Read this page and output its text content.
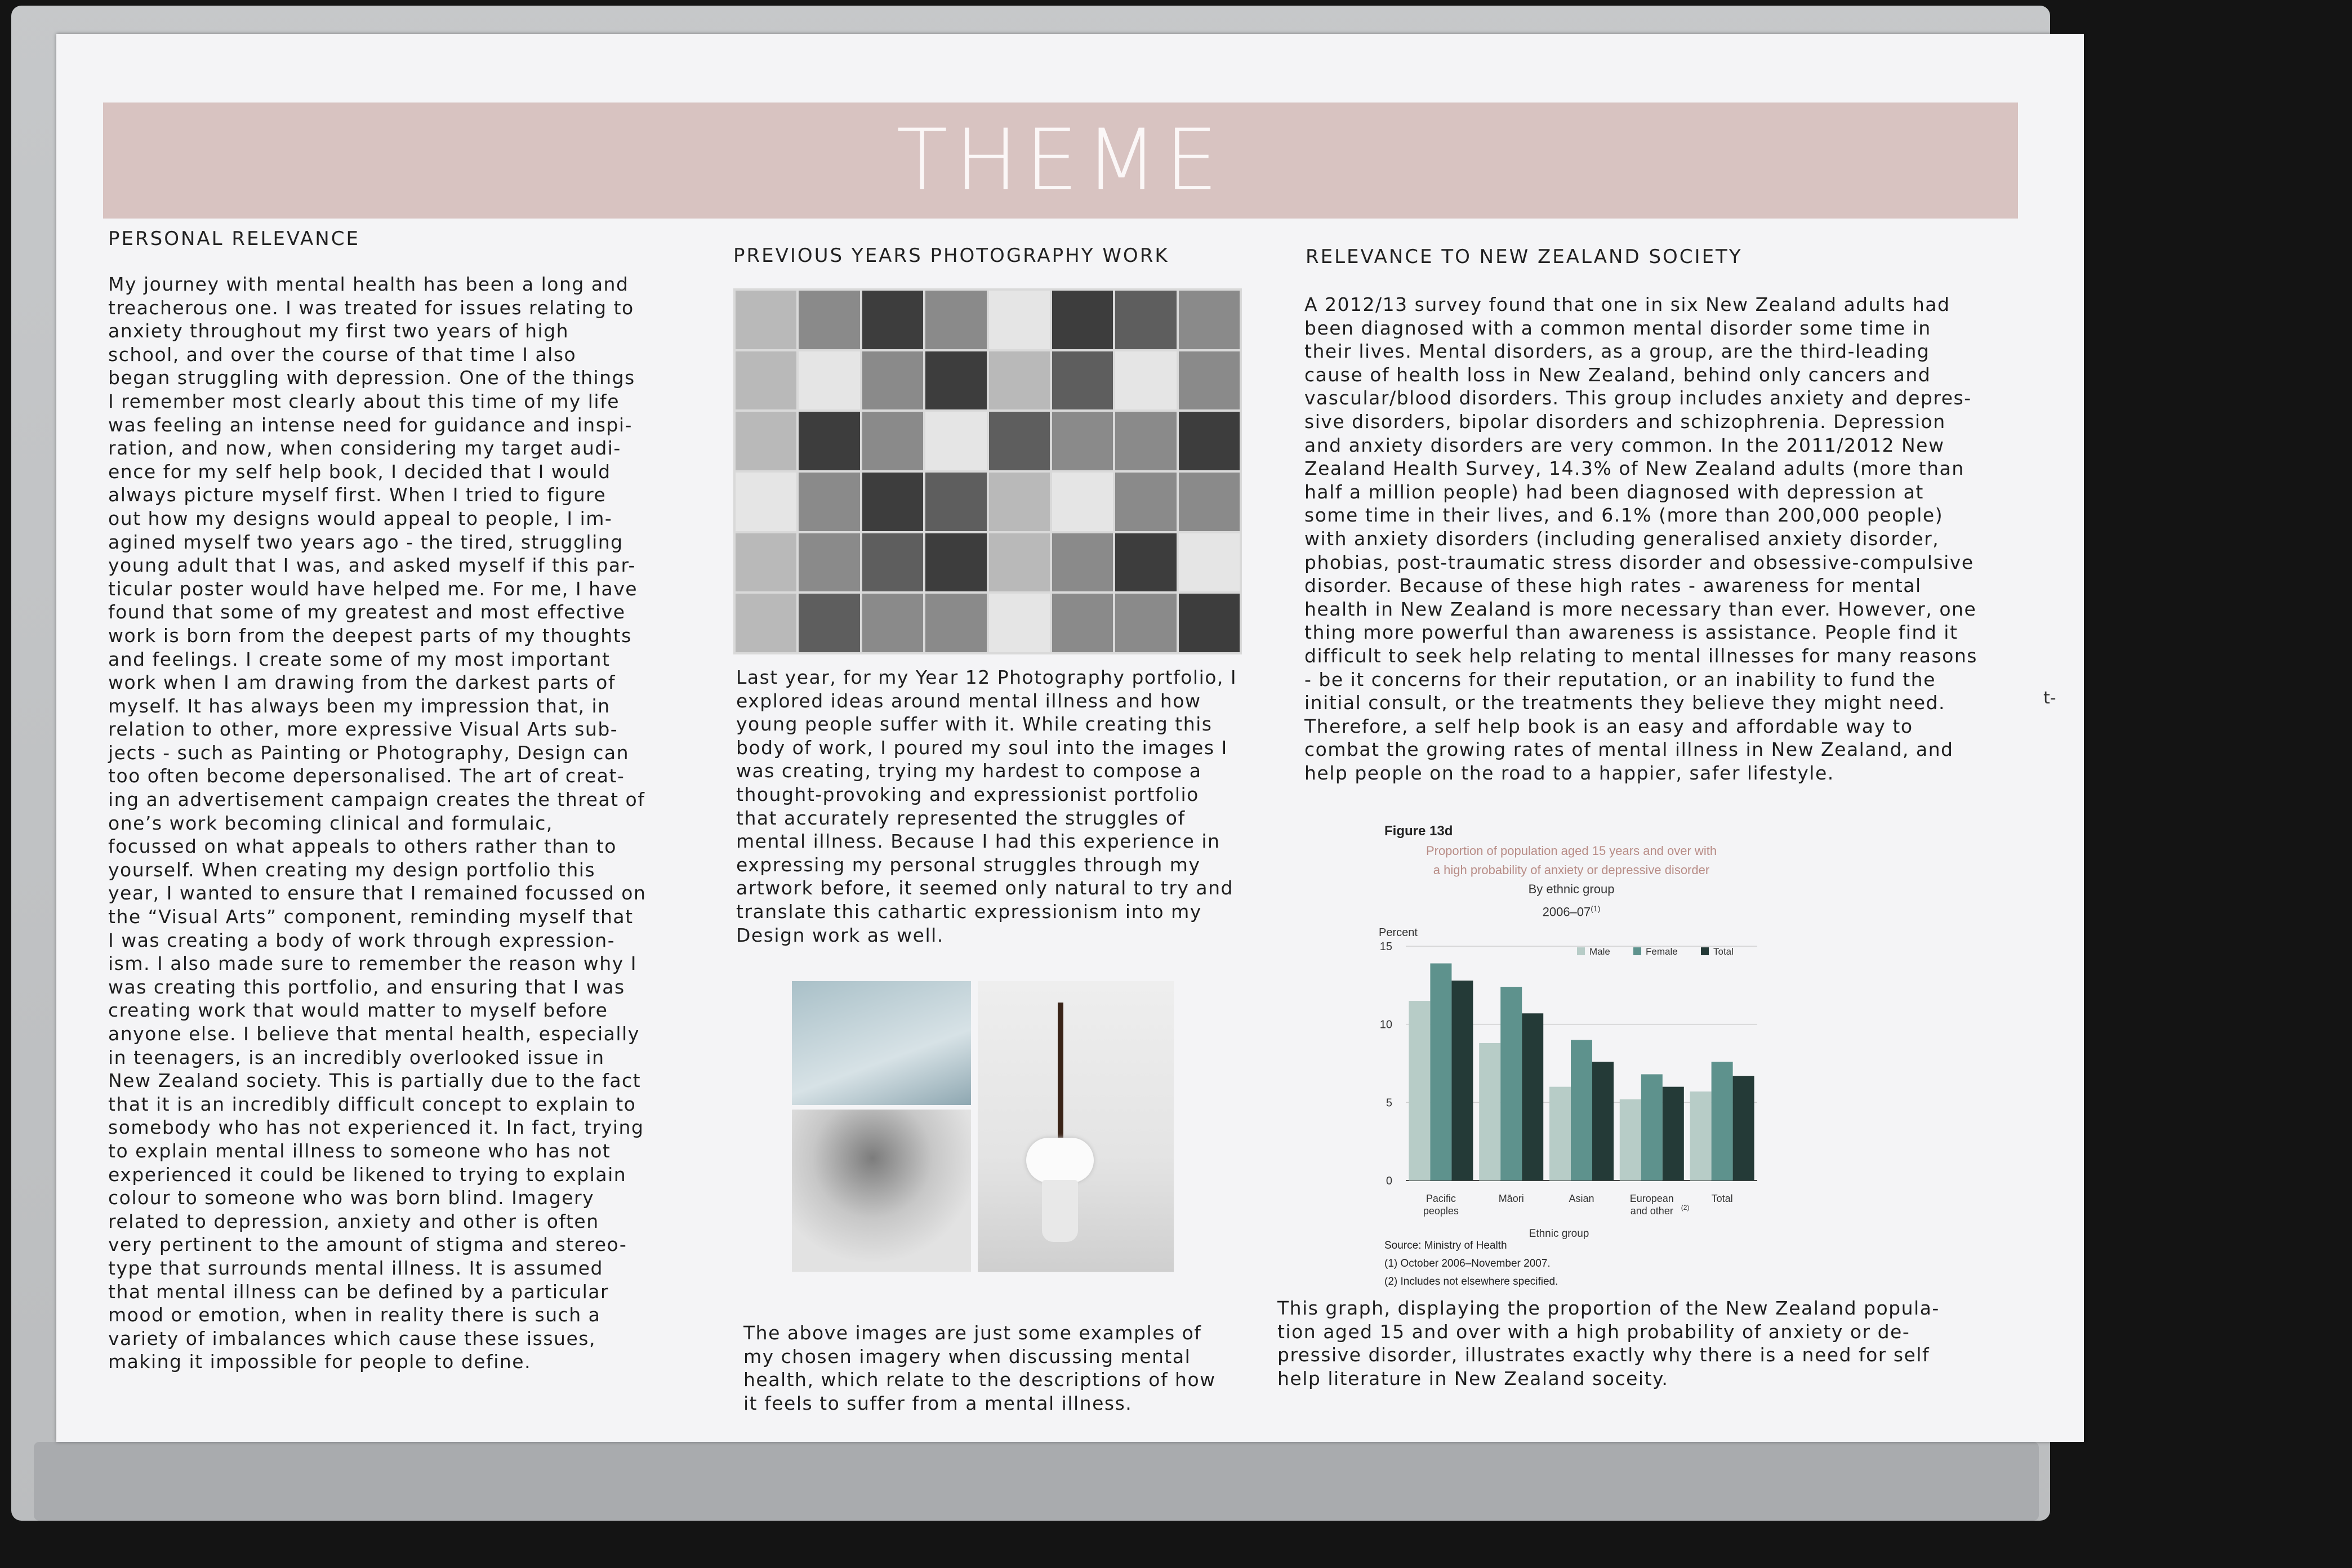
THEME
PERSONAL RELEVANCE
My journey with mental health has been a long and
treacherous one. I was treated for issues relating to
anxiety throughout my first two years of high
school, and over the course of that time I also
began struggling with depression. One of the things
I remember most clearly about this time of my life
was feeling an intense need for guidance and inspi-
ration, and now, when considering my target audi-
ence for my self help book, I decided that I would
always picture myself first. When I tried to figure
out how my designs would appeal to people, I im-
agined myself two years ago - the tired, struggling
young adult that I was, and asked myself if this par-
ticular poster would have helped me. For me, I have
found that some of my greatest and most effective
work is born from the deepest parts of my thoughts
and feelings. I create some of my most important
work when I am drawing from the darkest parts of
myself. It has always been my impression that, in
relation to other, more expressive Visual Arts sub-
jects - such as Painting or Photography, Design can
too often become depersonalised. The art of creat-
ing an advertisement campaign creates the threat of
one’s work becoming clinical and formulaic,
focussed on what appeals to others rather than to
yourself. When creating my design portfolio this
year, I wanted to ensure that I remained focussed on
the “Visual Arts” component, reminding myself that
I was creating a body of work through expression-
ism. I also made sure to remember the reason why I
was creating this portfolio, and ensuring that I was
creating work that would matter to myself before
anyone else. I believe that mental health, especially
in teenagers, is an incredibly overlooked issue in
New Zealand society. This is partially due to the fact
that it is an incredibly difficult concept to explain to
somebody who has not experienced it. In fact, trying
to explain mental illness to someone who has not
experienced it could be likened to trying to explain
colour to someone who was born blind. Imagery
related to depression, anxiety and other is often
very pertinent to the amount of stigma and stereo-
type that surrounds mental illness. It is assumed
that mental illness can be defined by a particular
mood or emotion, when in reality there is such a
variety of imbalances which cause these issues,
making it impossible for people to define.
PREVIOUS YEARS PHOTOGRAPHY WORK
Last year, for my Year 12 Photography portfolio, I
explored ideas around mental illness and how
young people suffer with it. While creating this
body of work, I poured my soul into the images I
was creating, trying my hardest to compose a
thought-provoking and expressionist portfolio
that accurately represented the struggles of
mental illness. Because I had this experience in
expressing my personal struggles through my
artwork before, it seemed only natural to try and
translate this cathartic expressionism into my
Design work as well.
The above images are just some examples of
my chosen imagery when discussing mental
health, which relate to the descriptions of how
it feels to suffer from a mental illness.
RELEVANCE TO NEW ZEALAND SOCIETY
A 2012/13 survey found that one in six New Zealand adults had
been diagnosed with a common mental disorder some time in
their lives. Mental disorders, as a group, are the third-leading
cause of health loss in New Zealand, behind only cancers and
vascular/blood disorders. This group includes anxiety and depres-
sive disorders, bipolar disorders and schizophrenia. Depression
and anxiety disorders are very common. In the 2011/2012 New
Zealand Health Survey, 14.3% of New Zealand adults (more than
half a million people) had been diagnosed with depression at
some time in their lives, and 6.1% (more than 200,000 people)
with anxiety disorders (including generalised anxiety disorder,
phobias, post-traumatic stress disorder and obsessive-compulsive
disorder. Because of these high rates - awareness for mental
health in New Zealand is more necessary than ever. However, one
thing more powerful than awareness is assistance. People find it
difficult to seek help relating to mental illnesses for many reasons
- be it concerns for their reputation, or an inability to fund the
initial consult, or the treatments they believe they might need.
Therefore, a self help book is an easy and affordable way to
combat the growing rates of mental illness in New Zealand, and
help people on the road to a happier, safer lifestyle.
Figure 13d
Proportion of population aged 15 years and over with
a high probability of anxiety or depressive disorder
By ethnic group
2006–07$^{(1)}$
0
5
10
15
Percent
Pacific
peoples
Māori	Asian	European
and other (2)
Total
Ethnic group
Male	Female	Total
Source: Ministry of Health
(1) October 2006–November 2007.
(2) Includes not elsewhere specified.
This graph, displaying the proportion of the New Zealand popula-
tion aged 15 and over with a high probability of anxiety or de-
pressive disorder, illustrates exactly why there is a need for self
help literature in New Zealand soceity.
t-
